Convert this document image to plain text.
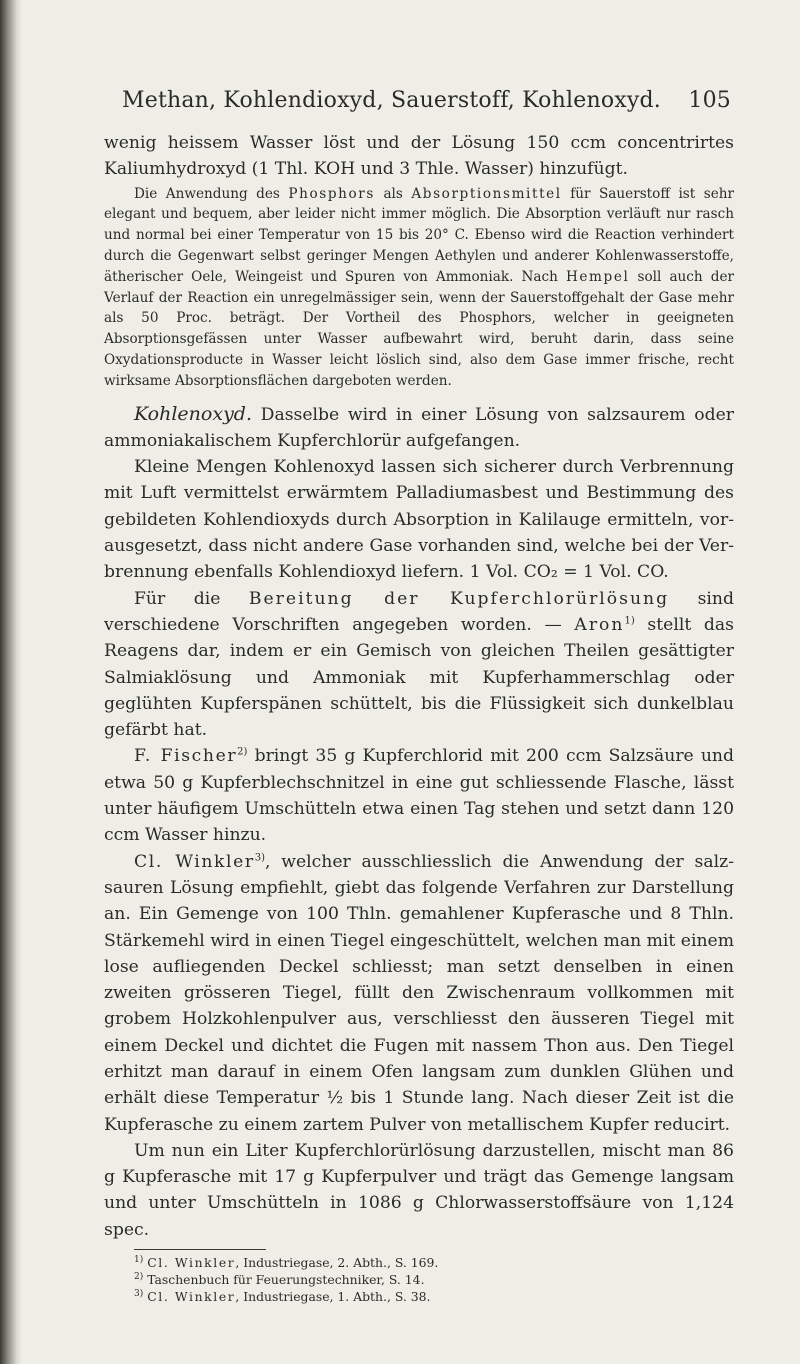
Methan, Kohlendioxyd, Sauerstoff, Kohlenoxyd. 105

wenig heissem Wasser löst und der Lösung 150 ccm concentrirtes Kaliumhydroxyd (1 Thl. KOH und 3 Thle. Wasser) hinzufügt.

Die Anwendung des Phosphors als Absorptionsmittel für Sauerstoff ist sehr elegant und bequem, aber leider nicht immer möglich. Die Absorption verläuft nur rasch und normal bei einer Temperatur von 15 bis 20° C. Ebenso wird die Reaction verhindert durch die Gegenwart selbst geringer Mengen Aethylen und anderer Kohlenwasserstoffe, ätherischer Oele, Weingeist und Spuren von Ammoniak. Nach Hempel soll auch der Verlauf der Reaction ein unregelmässiger sein, wenn der Sauerstoffgehalt der Gase mehr als 50 Proc. beträgt. Der Vortheil des Phosphors, welcher in geeigneten Absorptionsgefässen unter Wasser aufbewahrt wird, beruht darin, dass seine Oxydationsproducte in Wasser leicht löslich sind, also dem Gase immer frische, recht wirksame Absorptionsflächen dargeboten werden.

Kohlenoxyd. Dasselbe wird in einer Lösung von salzsaurem oder ammoniakalischem Kupferchlorür aufgefangen.

Kleine Mengen Kohlenoxyd lassen sich sicherer durch Verbrennung mit Luft vermittelst erwärmtem Palladiumasbest und Bestimmung des gebildeten Kohlendioxyds durch Absorption in Kalilauge ermitteln, vorausgesetzt, dass nicht andere Gase vorhanden sind, welche bei der Verbrennung ebenfalls Kohlendioxyd liefern. 1 Vol. CO₂ = 1 Vol. CO.

Für die Bereitung der Kupferchlorürlösung sind verschiedene Vorschriften angegeben worden. — Aron$^{1)}$ stellt das Reagens dar, indem er ein Gemisch von gleichen Theilen gesättigter Salmiaklösung und Ammoniak mit Kupferhammerschlag oder geglühten Kupferspänen schüttelt, bis die Flüssigkeit sich dunkelblau gefärbt hat.

F. Fischer$^{2)}$ bringt 35 g Kupferchlorid mit 200 ccm Salzsäure und etwa 50 g Kupferblechschnitzel in eine gut schliessende Flasche, lässt unter häufigem Umschütteln etwa einen Tag stehen und setzt dann 120 ccm Wasser hinzu.

Cl. Winkler$^{3)}$, welcher ausschliesslich die Anwendung der salzsauren Lösung empfiehlt, giebt das folgende Verfahren zur Darstellung an. Ein Gemenge von 100 Thln. gemahlener Kupferasche und 8 Thln. Stärkemehl wird in einen Tiegel eingeschüttelt, welchen man mit einem lose aufliegenden Deckel schliesst; man setzt denselben in einen zweiten grösseren Tiegel, füllt den Zwischenraum vollkommen mit grobem Holzkohlenpulver aus, verschliesst den äusseren Tiegel mit einem Deckel und dichtet die Fugen mit nassem Thon aus. Den Tiegel erhitzt man darauf in einem Ofen langsam zum dunklen Glühen und erhält diese Temperatur ½ bis 1 Stunde lang. Nach dieser Zeit ist die Kupferasche zu einem zartem Pulver von metallischem Kupfer reducirt.

Um nun ein Liter Kupferchlorürlösung darzustellen, mischt man 86 g Kupferasche mit 17 g Kupferpulver und trägt das Gemenge langsam und unter Umschütteln in 1086 g Chlorwasserstoffsäure von 1,124 spec.

$^{1)}$ Cl. Winkler, Industriegase, 2. Abth., S. 169.
$^{2)}$ Taschenbuch für Feuerungstechniker, S. 14.
$^{3)}$ Cl. Winkler, Industriegase, 1. Abth., S. 38.
